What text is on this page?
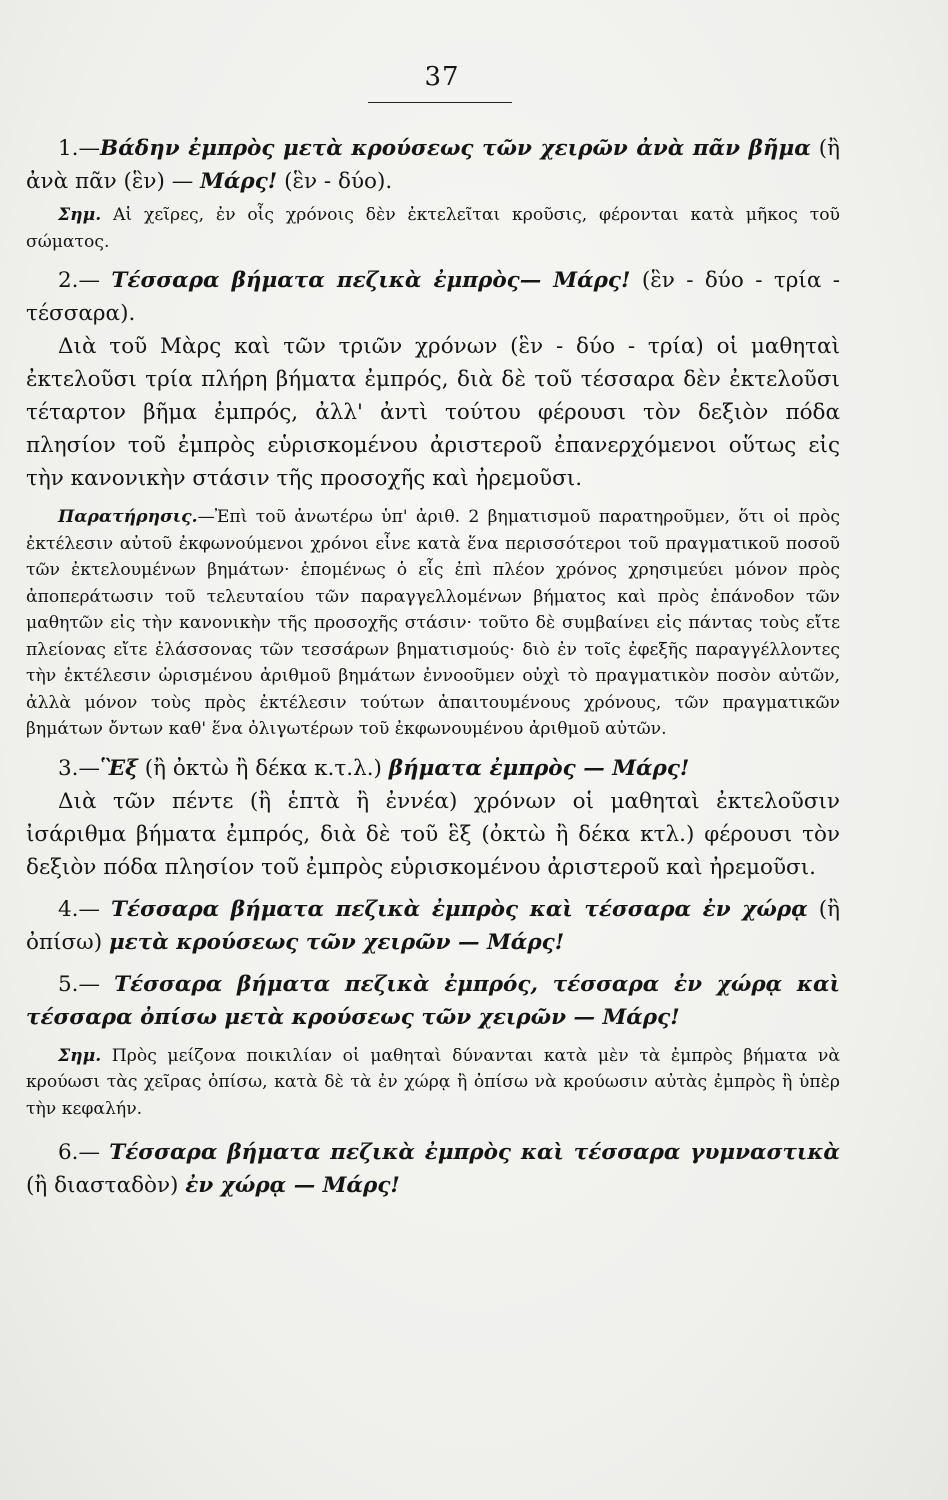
37

1.—Βάδην ἐμπρὸς μετὰ κρούσεως τῶν χειρῶν ἀνὰ πᾶν βῆμα (ἢ ἀνὰ πᾶν (ἓν) — Μάρς! (ἓν - δύο).

Σημ. Αἱ χεῖρες, ἐν οἷς χρόνοις δὲν ἐκτελεῖται κροῦσις, φέρονται κατὰ μῆκος τοῦ σώματος.

2.— Τέσσαρα βήματα πεζικὰ ἐμπρὸς— Μάρς! (ἓν - δύο - τρία - τέσσαρα).

Διὰ τοῦ Μὰρς καὶ τῶν τριῶν χρόνων (ἓν - δύο - τρία) οἱ μαθηταὶ ἐκτελοῦσι τρία πλήρη βήματα ἐμπρός, διὰ δὲ τοῦ τέσσαρα δὲν ἐκτελοῦσι τέταρτον βῆμα ἐμπρός, ἀλλ' ἀντὶ τούτου φέρουσι τὸν δεξιὸν πόδα πλησίον τοῦ ἐμπρὸς εὑρισκομένου ἀριστεροῦ ἐπανερχόμενοι οὕτως εἰς τὴν κανονικὴν στάσιν τῆς προσοχῆς καὶ ἠρεμοῦσι.

Παρατήρησις.—Ἐπὶ τοῦ ἀνωτέρω ὑπ' ἀριθ. 2 βηματισμοῦ παρατηροῦμεν, ὅτι οἱ πρὸς ἐκτέλεσιν αὐτοῦ ἐκφωνούμενοι χρόνοι εἶνε κατὰ ἕνα περισσότεροι τοῦ πραγματικοῦ ποσοῦ τῶν ἐκτελουμένων βημάτων· ἑπομένως ὁ εἷς ἐπὶ πλέον χρόνος χρησιμεύει μόνον πρὸς ἀποπεράτωσιν τοῦ τελευταίου τῶν παραγγελλομένων βήματος καὶ πρὸς ἐπάνοδον τῶν μαθητῶν εἰς τὴν κανονικὴν τῆς προσοχῆς στάσιν· τοῦτο δὲ συμβαίνει εἰς πάντας τοὺς εἴτε πλείονας εἴτε ἐλάσσονας τῶν τεσσάρων βηματισμούς· διὸ ἐν τοῖς ἐφεξῆς παραγγέλλοντες τὴν ἐκτέλεσιν ὡρισμένου ἀριθμοῦ βημάτων ἐννοοῦμεν οὐχὶ τὸ πραγματικὸν ποσὸν αὐτῶν, ἀλλὰ μόνον τοὺς πρὸς ἐκτέλεσιν τούτων ἀπαιτουμένους χρόνους, τῶν πραγματικῶν βημάτων ὄντων καθ' ἕνα ὀλιγωτέρων τοῦ ἐκφωνουμένου ἀριθμοῦ αὐτῶν.

3.—Ἓξ (ἢ ὀκτὼ ἢ δέκα κ.τ.λ.) βήματα ἐμπρὸς — Μάρς!

Διὰ τῶν πέντε (ἢ ἑπτὰ ἢ ἐννέα) χρόνων οἱ μαθηταὶ ἐκτελοῦσιν ἰσάριθμα βήματα ἐμπρός, διὰ δὲ τοῦ ἓξ (ὀκτὼ ἢ δέκα κτλ.) φέρουσι τὸν δεξιὸν πόδα πλησίον τοῦ ἐμπρὸς εὑρισκομένου ἀριστεροῦ καὶ ἠρεμοῦσι.

4.— Τέσσαρα βήματα πεζικὰ ἐμπρὸς καὶ τέσσαρα ἐν χώρᾳ (ἢ ὀπίσω) μετὰ κρούσεως τῶν χειρῶν — Μάρς!

5.— Τέσσαρα βήματα πεζικὰ ἐμπρός, τέσσαρα ἐν χώρᾳ καὶ τέσσαρα ὀπίσω μετὰ κρούσεως τῶν χειρῶν — Μάρς!

Σημ. Πρὸς μείζονα ποικιλίαν οἱ μαθηταὶ δύνανται κατὰ μὲν τὰ ἐμπρὸς βήματα νὰ κρούωσι τὰς χεῖρας ὀπίσω, κατὰ δὲ τὰ ἐν χώρᾳ ἢ ὀπίσω νὰ κρούωσιν αὐτὰς ἐμπρὸς ἢ ὑπὲρ τὴν κεφαλήν.

6.— Τέσσαρα βήματα πεζικὰ ἐμπρὸς καὶ τέσσαρα γυμναστικὰ (ἢ διασταδὸν) ἐν χώρᾳ — Μάρς!
